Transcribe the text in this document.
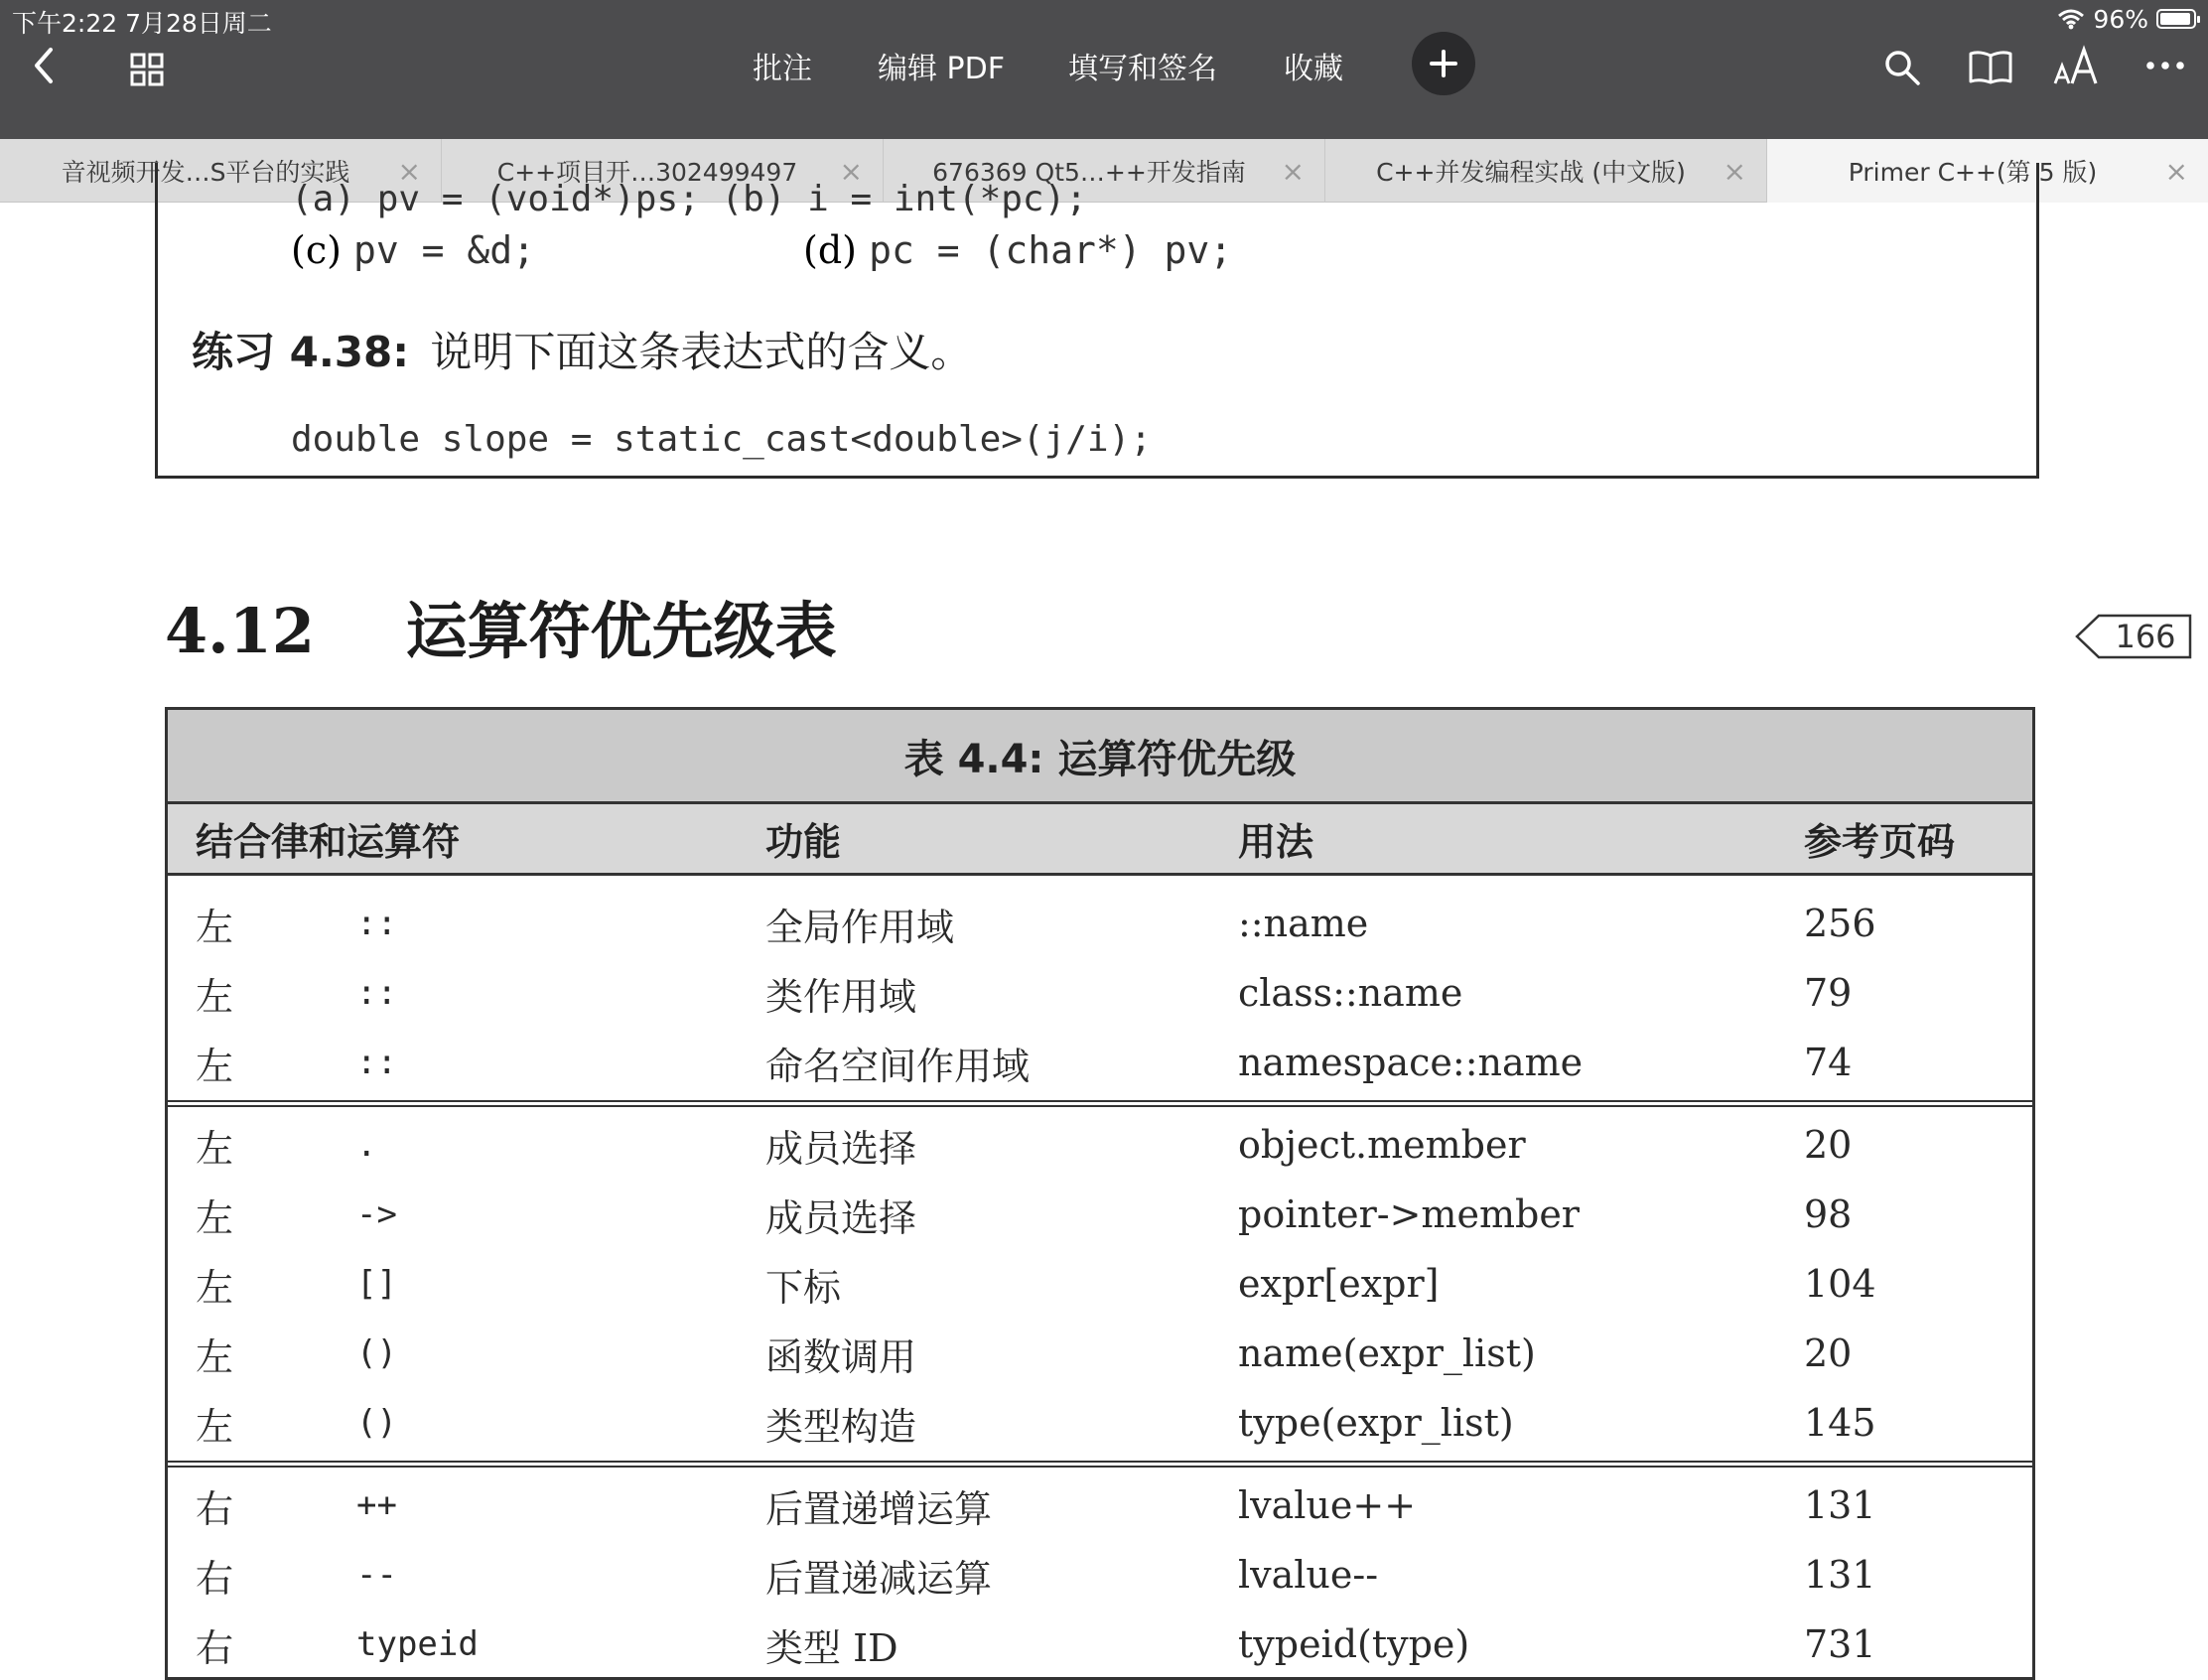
下午2:22 7月28日周二	96%
批注 编辑 PDF 填写和签名 收藏
音视频开发…S平台的实践	×	C++项目开…302499497	×	676369 Qt5…++开发指南	×	C++并发编程实战 (中文版)	×	Primer C++(第 5 版)	×
(a) pv = (void*)ps; (b) i = int(*pc);
(c) pv = &d;	(d) pc = (char*) pv;
练习 4.38: 说明下面这条表达式的含义。
double slope = static_cast<double>(j/i);
4.12 运算符优先级表	166
表 4.4: 运算符优先级
结合律和运算符	功能	用法	参考页码
左	::	全局作用域	::name	256
左	::	类作用域	class::name	79
左	::	命名空间作用域	namespace::name	74
左	.	成员选择	object.member	20
左	->	成员选择	pointer->member	98
左	[]	下标	expr[expr]	104
左	()	函数调用	name(expr_list)	20
左	()	类型构造	type(expr_list)	145
右	++	后置递增运算	lvalue++	131
右	--	后置递减运算	lvalue--	131
右	typeid	类型 ID	typeid(type)	731
